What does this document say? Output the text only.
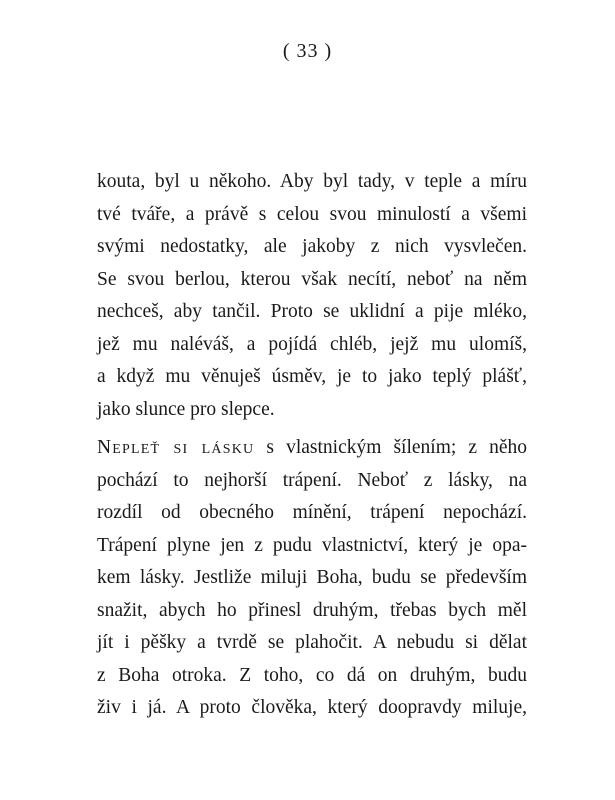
( 33 )
kouta, byl u někoho. Aby byl tady, v teple a míru
tvé tváře, a právě s celou svou minulostí a všemi
svými nedostatky, ale jakoby z nich vysvlečen.
Se svou berlou, kterou však necítí, neboť na něm
nechceš, aby tančil. Proto se uklidní a pije mléko,
jež mu naléváš, a pojídá chléb, jejž mu ulomíš,
a když mu věnuješ úsměv, je to jako teplý plášť,
jako slunce pro slepce.
Nepleť si lásku s vlastnickým šílením; z něho
pochází to nejhorší trápení. Neboť z lásky, na
rozdíl od obecného mínění, trápení nepochází.
Trápení plyne jen z pudu vlastnictví, který je opa-
kem lásky. Jestliže miluji Boha, budu se především
snažit, abych ho přinesl druhým, třebas bych měl
jít i pěšky a tvrdě se plahočit. A nebudu si dělat
z Boha otroka. Z toho, co dá on druhým, budu
živ i já. A proto člověka, který doopravdy miluje,
